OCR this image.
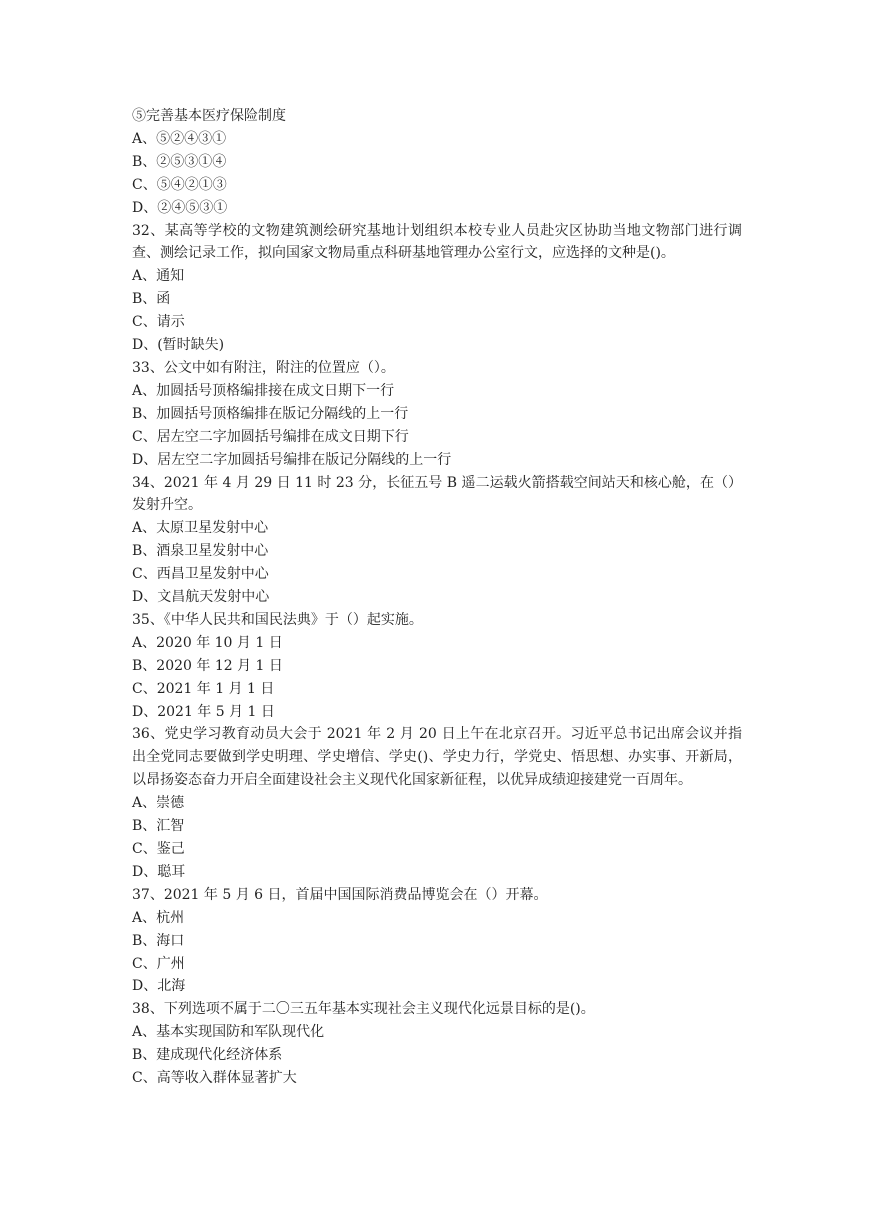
⑤完善基本医疗保险制度

A、⑤②④③①

B、②⑤③①④

C、⑤④②①③

D、②④⑤③①

32、某高等学校的文物建筑测绘研究基地计划组织本校专业人员赴灾区协助当地文物部门进行调查、测绘记录工作，拟向国家文物局重点科研基地管理办公室行文，应选择的文种是()。

A、通知

B、函

C、请示

D、(暂时缺失)

33、公文中如有附注，附注的位置应（）。

A、加圆括号顶格编排接在成文日期下一行

B、加圆括号顶格编排在版记分隔线的上一行

C、居左空二字加圆括号编排在成文日期下行

D、居左空二字加圆括号编排在版记分隔线的上一行

34、2021 年 4 月 29 日 11 时 23 分，长征五号 B 遥二运载火箭搭载空间站天和核心舱，在（）发射升空。

A、太原卫星发射中心

B、酒泉卫星发射中心

C、西昌卫星发射中心

D、文昌航天发射中心

35、《中华人民共和国民法典》于（）起实施。

A、2020 年 10 月 1 日

B、2020 年 12 月 1 日

C、2021 年 1 月 1 日

D、2021 年 5 月 1 日

36、党史学习教育动员大会于 2021 年 2 月 20 日上午在北京召开。习近平总书记出席会议并指出全党同志要做到学史明理、学史增信、学史()、学史力行，学党史、悟思想、办实事、开新局，以昂扬姿态奋力开启全面建设社会主义现代化国家新征程，以优异成绩迎接建党一百周年。

A、崇德

B、汇智

C、鉴己

D、聪耳

37、2021 年 5 月 6 日，首届中国国际消费品博览会在（）开幕。

A、杭州

B、海口

C、广州

D、北海

38、下列选项不属于二〇三五年基本实现社会主义现代化远景目标的是()。

A、基本实现国防和军队现代化

B、建成现代化经济体系

C、高等收入群体显著扩大
